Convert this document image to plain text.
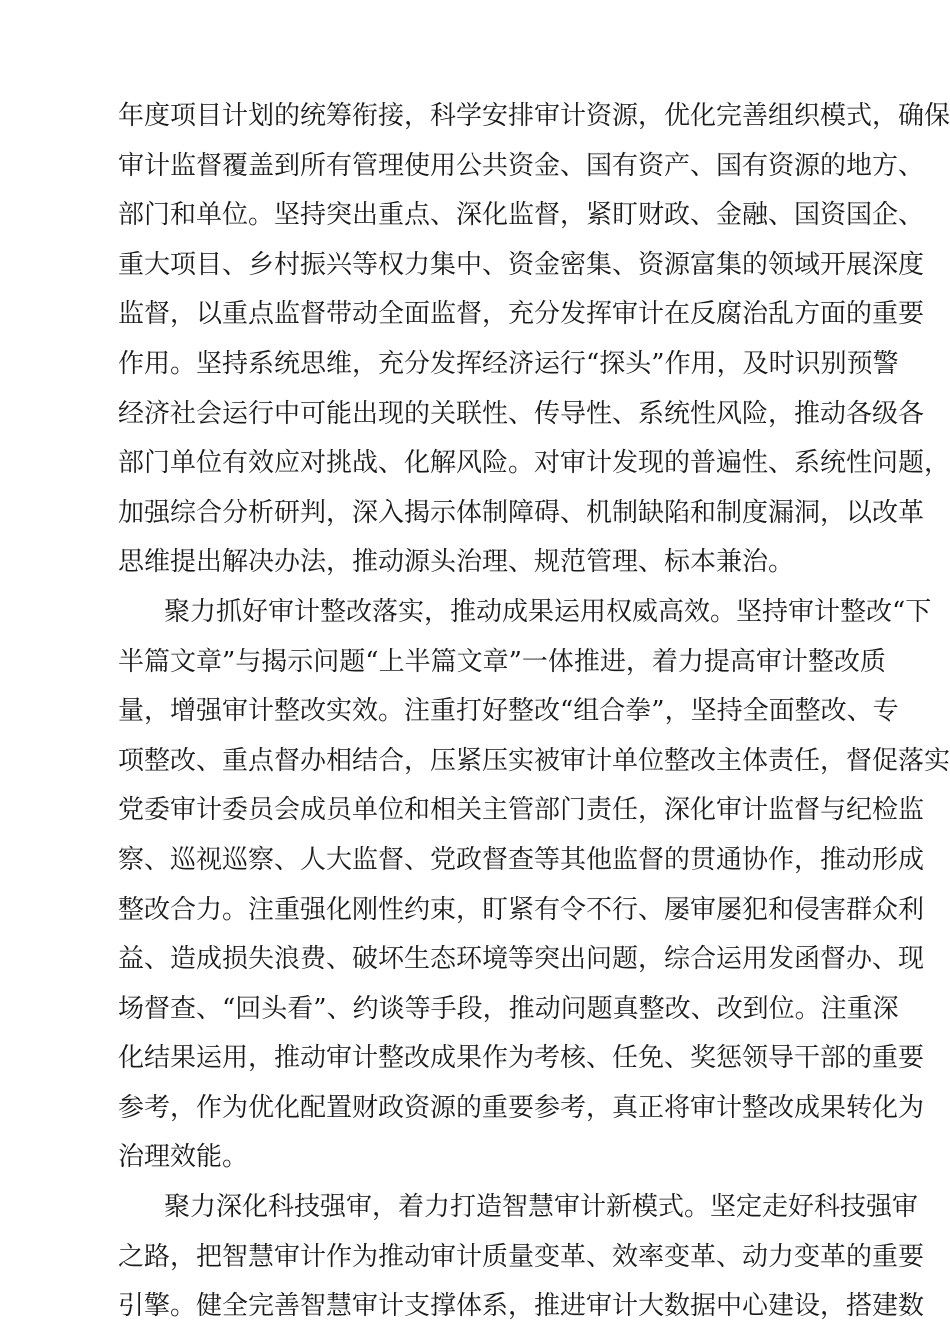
年度项目计划的统筹衔接，科学安排审计资源，优化完善组织模式，确保
审计监督覆盖到所有管理使用公共资金、国有资产、国有资源的地方、
部门和单位。坚持突出重点、深化监督，紧盯财政、金融、国资国企、
重大项目、乡村振兴等权力集中、资金密集、资源富集的领域开展深度
监督，以重点监督带动全面监督，充分发挥审计在反腐治乱方面的重要
作用。坚持系统思维，充分发挥经济运行“探头”作用，及时识别预警
经济社会运行中可能出现的关联性、传导性、系统性风险，推动各级各
部门单位有效应对挑战、化解风险。对审计发现的普遍性、系统性问题，
加强综合分析研判，深入揭示体制障碍、机制缺陷和制度漏洞，以改革
思维提出解决办法，推动源头治理、规范管理、标本兼治。
聚力抓好审计整改落实，推动成果运用权威高效。坚持审计整改“下
半篇文章”与揭示问题“上半篇文章”一体推进，着力提高审计整改质
量，增强审计整改实效。注重打好整改“组合拳”，坚持全面整改、专
项整改、重点督办相结合，压紧压实被审计单位整改主体责任，督促落实
党委审计委员会成员单位和相关主管部门责任，深化审计监督与纪检监
察、巡视巡察、人大监督、党政督查等其他监督的贯通协作，推动形成
整改合力。注重强化刚性约束，盯紧有令不行、屡审屡犯和侵害群众利
益、造成损失浪费、破坏生态环境等突出问题，综合运用发函督办、现
场督查、“回头看”、约谈等手段，推动问题真整改、改到位。注重深
化结果运用，推动审计整改成果作为考核、任免、奖惩领导干部的重要
参考，作为优化配置财政资源的重要参考，真正将审计整改成果转化为
治理效能。
聚力深化科技强审，着力打造智慧审计新模式。坚定走好科技强审
之路，把智慧审计作为推动审计质量变革、效率变革、动力变革的重要
引擎。健全完善智慧审计支撑体系，推进审计大数据中心建设，搭建数
